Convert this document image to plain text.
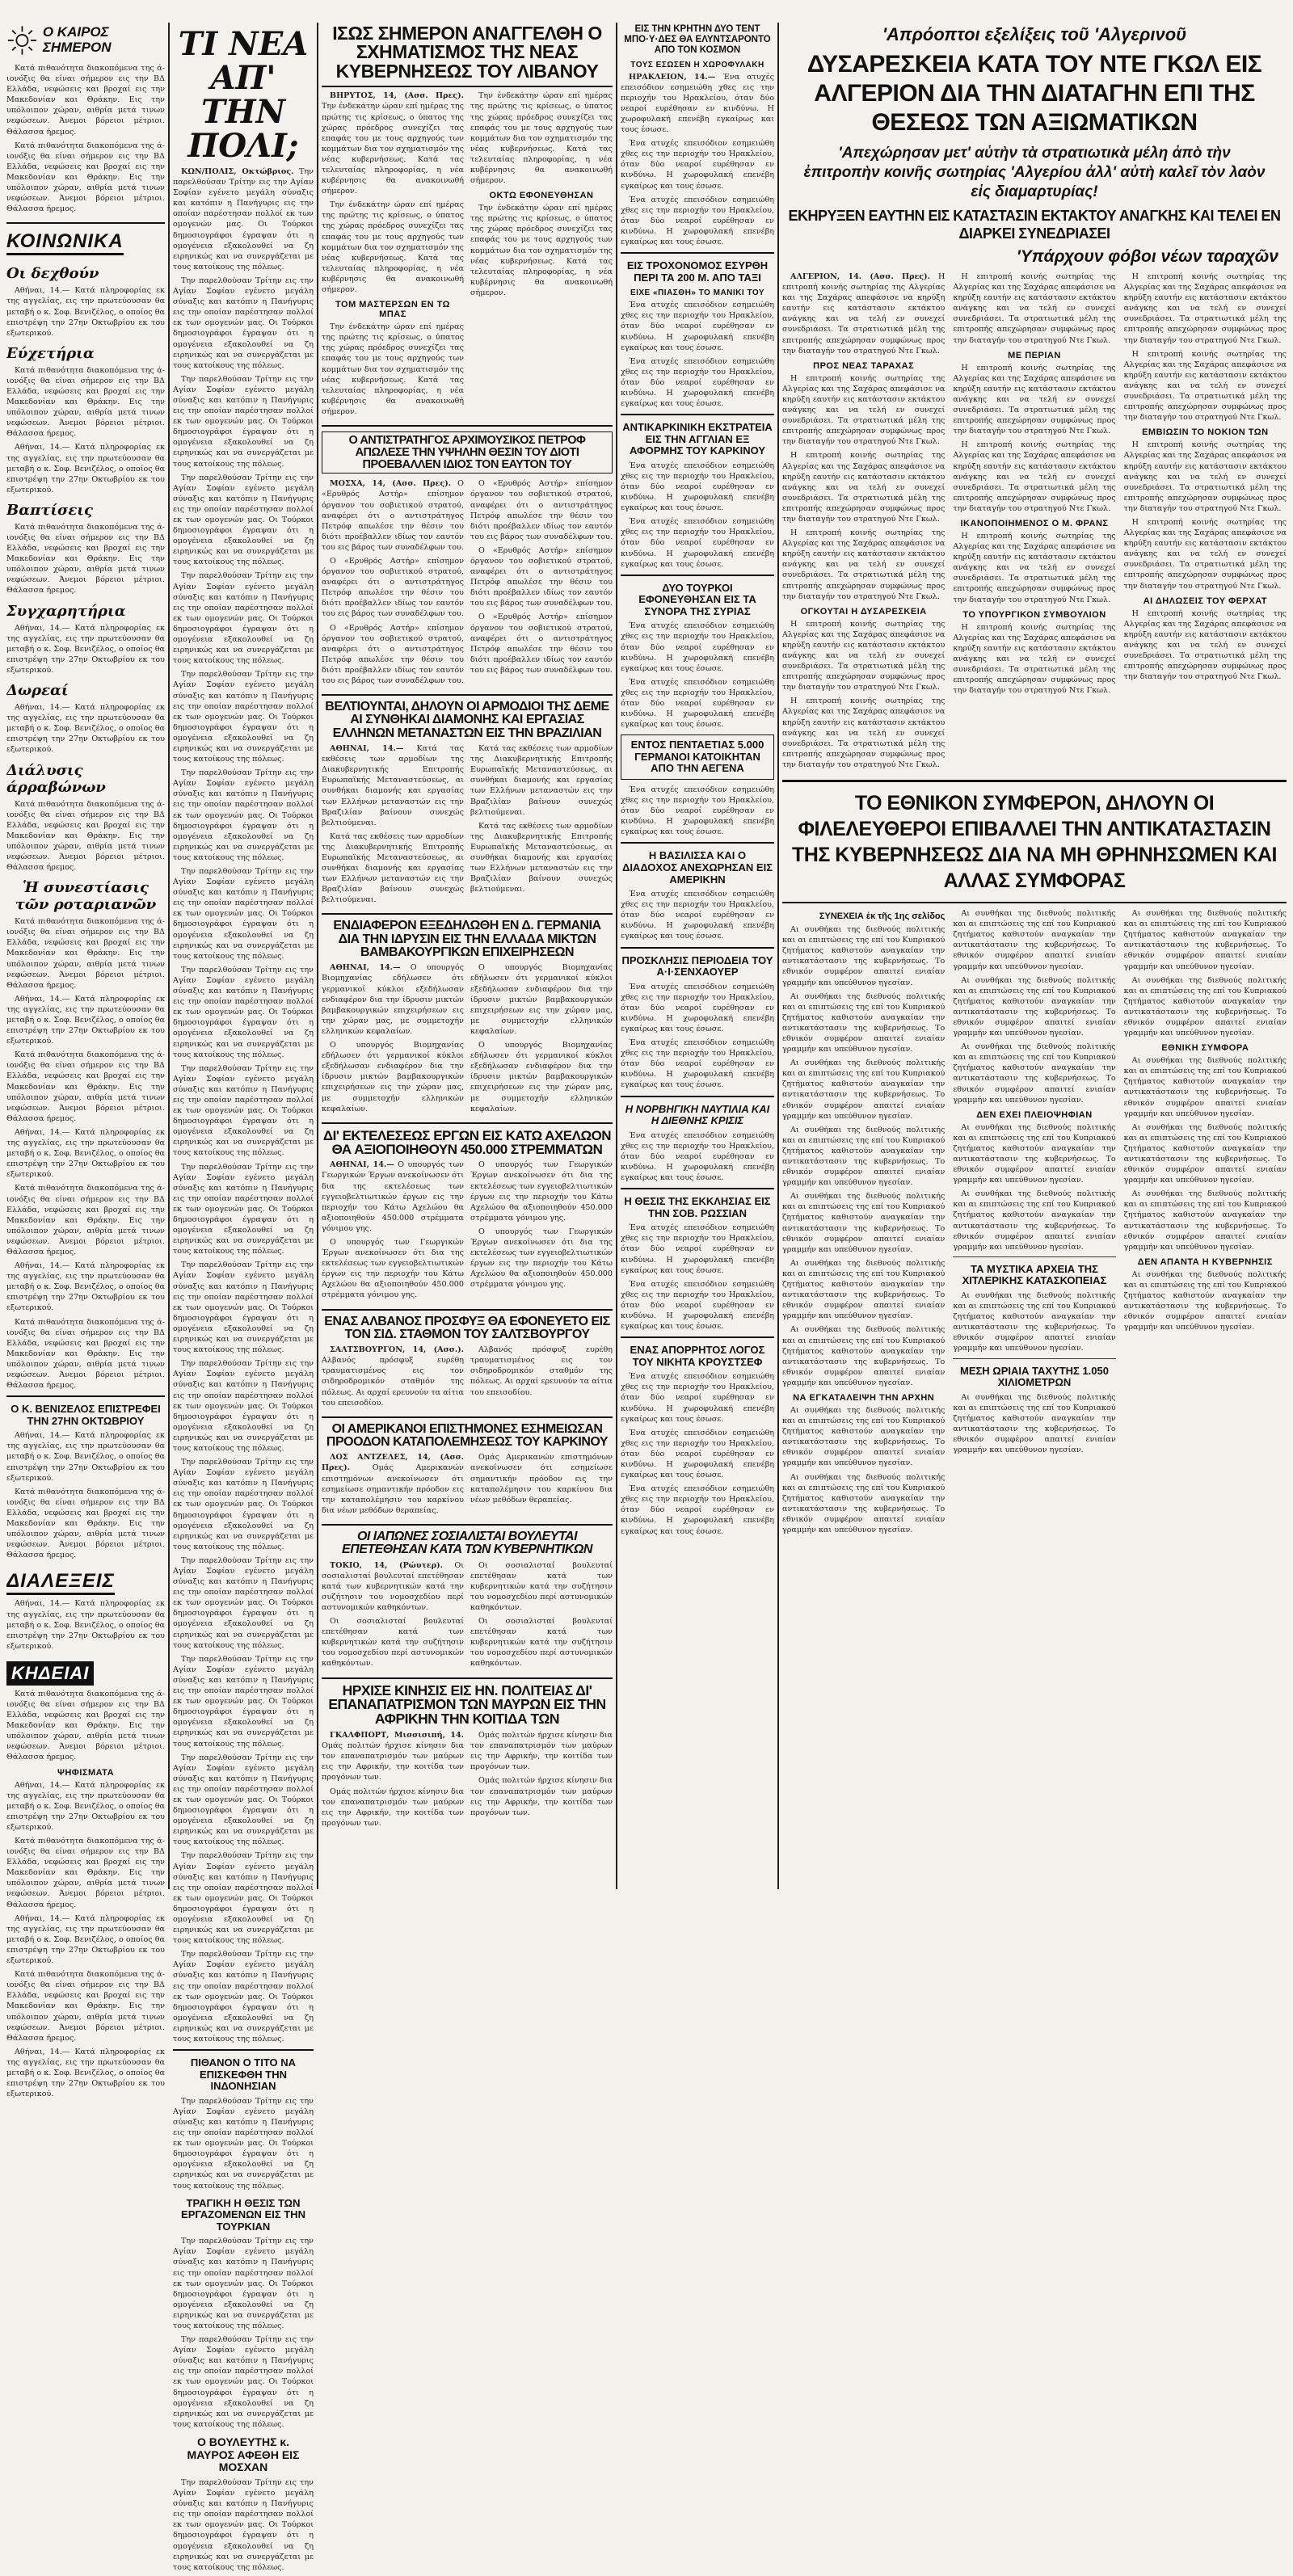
Ο ΚΑΙΡΟΣ ΣΗΜΕΡΟΝ

Κατά πιθανότητα διακοπόμενα της ά- ιονόξις θα είναι σήμερον εις την ΒΔ Ελλάδα, νεφώσεις και βροχαί εις την Μακεδονίαν και Θράκην. Εις την υπόλοιπον χώραν, αιθρία μετά τινων νεφώσεων. Άνεμοι βόρειοι μέτριοι. Θάλασσα ήρεμος.

Κατά πιθανότητα διακοπόμενα της ά- ιονόξις θα είναι σήμερον εις την ΒΔ Ελλάδα, νεφώσεις και βροχαί εις την Μακεδονίαν και Θράκην. Εις την υπόλοιπον χώραν, αιθρία μετά τινων νεφώσεων. Άνεμοι βόρειοι μέτριοι. Θάλασσα ήρεμος.

ΚΟΙΝΩΝΙΚΑ
Οι δεχθούν

Αθήναι, 14.— Κατά πληροφορίας εκ της αγγελίας, εις την πρωτεύουσαν θα μεταβή ο κ. Σοφ. Βενιζέλος, ο οποίος θα επιστρέψη την 27ην Οκτωβρίου εκ του εξωτερικού.

Εύχετήρια

Κατά πιθανότητα διακοπόμενα της ά- ιονόξις θα είναι σήμερον εις την ΒΔ Ελλάδα, νεφώσεις και βροχαί εις την Μακεδονίαν και Θράκην. Εις την υπόλοιπον χώραν, αιθρία μετά τινων νεφώσεων. Άνεμοι βόρειοι μέτριοι. Θάλασσα ήρεμος.

Αθήναι, 14.— Κατά πληροφορίας εκ της αγγελίας, εις την πρωτεύουσαν θα μεταβή ο κ. Σοφ. Βενιζέλος, ο οποίος θα επιστρέψη την 27ην Οκτωβρίου εκ του εξωτερικού.

Βαπτίσεις

Κατά πιθανότητα διακοπόμενα της ά- ιονόξις θα είναι σήμερον εις την ΒΔ Ελλάδα, νεφώσεις και βροχαί εις την Μακεδονίαν και Θράκην. Εις την υπόλοιπον χώραν, αιθρία μετά τινων νεφώσεων. Άνεμοι βόρειοι μέτριοι. Θάλασσα ήρεμος.

Συγχαρητήρια

Αθήναι, 14.— Κατά πληροφορίας εκ της αγγελίας, εις την πρωτεύουσαν θα μεταβή ο κ. Σοφ. Βενιζέλος, ο οποίος θα επιστρέψη την 27ην Οκτωβρίου εκ του εξωτερικού.

Δωρεαί

Αθήναι, 14.— Κατά πληροφορίας εκ της αγγελίας, εις την πρωτεύουσαν θα μεταβή ο κ. Σοφ. Βενιζέλος, ο οποίος θα επιστρέψη την 27ην Οκτωβρίου εκ του εξωτερικού.

Διάλυσις άρραβώνων

Κατά πιθανότητα διακοπόμενα της ά- ιονόξις θα είναι σήμερον εις την ΒΔ Ελλάδα, νεφώσεις και βροχαί εις την Μακεδονίαν και Θράκην. Εις την υπόλοιπον χώραν, αιθρία μετά τινων νεφώσεων. Άνεμοι βόρειοι μέτριοι. Θάλασσα ήρεμος.

Ἡ συνεστίασις τῶν ροταριανῶν

Κατά πιθανότητα διακοπόμενα της ά- ιονόξις θα είναι σήμερον εις την ΒΔ Ελλάδα, νεφώσεις και βροχαί εις την Μακεδονίαν και Θράκην. Εις την υπόλοιπον χώραν, αιθρία μετά τινων νεφώσεων. Άνεμοι βόρειοι μέτριοι. Θάλασσα ήρεμος.

Αθήναι, 14.— Κατά πληροφορίας εκ της αγγελίας, εις την πρωτεύουσαν θα μεταβή ο κ. Σοφ. Βενιζέλος, ο οποίος θα επιστρέψη την 27ην Οκτωβρίου εκ του εξωτερικού.

Κατά πιθανότητα διακοπόμενα της ά- ιονόξις θα είναι σήμερον εις την ΒΔ Ελλάδα, νεφώσεις και βροχαί εις την Μακεδονίαν και Θράκην. Εις την υπόλοιπον χώραν, αιθρία μετά τινων νεφώσεων. Άνεμοι βόρειοι μέτριοι. Θάλασσα ήρεμος.

Αθήναι, 14.— Κατά πληροφορίας εκ της αγγελίας, εις την πρωτεύουσαν θα μεταβή ο κ. Σοφ. Βενιζέλος, ο οποίος θα επιστρέψη την 27ην Οκτωβρίου εκ του εξωτερικού.

Κατά πιθανότητα διακοπόμενα της ά- ιονόξις θα είναι σήμερον εις την ΒΔ Ελλάδα, νεφώσεις και βροχαί εις την Μακεδονίαν και Θράκην. Εις την υπόλοιπον χώραν, αιθρία μετά τινων νεφώσεων. Άνεμοι βόρειοι μέτριοι. Θάλασσα ήρεμος.

Αθήναι, 14.— Κατά πληροφορίας εκ της αγγελίας, εις την πρωτεύουσαν θα μεταβή ο κ. Σοφ. Βενιζέλος, ο οποίος θα επιστρέψη την 27ην Οκτωβρίου εκ του εξωτερικού.

Κατά πιθανότητα διακοπόμενα της ά- ιονόξις θα είναι σήμερον εις την ΒΔ Ελλάδα, νεφώσεις και βροχαί εις την Μακεδονίαν και Θράκην. Εις την υπόλοιπον χώραν, αιθρία μετά τινων νεφώσεων. Άνεμοι βόρειοι μέτριοι. Θάλασσα ήρεμος.

Ο Κ. ΒΕΝΙΖΕΛΟΣ ΕΠΙΣΤΡΕΦΕΙ ΤΗΝ 27ΗΝ ΟΚΤΩΒΡΙΟΥ

Αθήναι, 14.— Κατά πληροφορίας εκ της αγγελίας, εις την πρωτεύουσαν θα μεταβή ο κ. Σοφ. Βενιζέλος, ο οποίος θα επιστρέψη την 27ην Οκτωβρίου εκ του εξωτερικού.

Κατά πιθανότητα διακοπόμενα της ά- ιονόξις θα είναι σήμερον εις την ΒΔ Ελλάδα, νεφώσεις και βροχαί εις την Μακεδονίαν και Θράκην. Εις την υπόλοιπον χώραν, αιθρία μετά τινων νεφώσεων. Άνεμοι βόρειοι μέτριοι. Θάλασσα ήρεμος.

ΔΙΑΛΕΞΕΙΣ

Αθήναι, 14.— Κατά πληροφορίας εκ της αγγελίας, εις την πρωτεύουσαν θα μεταβή ο κ. Σοφ. Βενιζέλος, ο οποίος θα επιστρέψη την 27ην Οκτωβρίου εκ του εξωτερικού.

ΚΗΔΕΙΑΙ

Κατά πιθανότητα διακοπόμενα της ά- ιονόξις θα είναι σήμερον εις την ΒΔ Ελλάδα, νεφώσεις και βροχαί εις την Μακεδονίαν και Θράκην. Εις την υπόλοιπον χώραν, αιθρία μετά τινων νεφώσεων. Άνεμοι βόρειοι μέτριοι. Θάλασσα ήρεμος.

ΨΗΦΙΣΜΑΤΑ

Αθήναι, 14.— Κατά πληροφορίας εκ της αγγελίας, εις την πρωτεύουσαν θα μεταβή ο κ. Σοφ. Βενιζέλος, ο οποίος θα επιστρέψη την 27ην Οκτωβρίου εκ του εξωτερικού.

Κατά πιθανότητα διακοπόμενα της ά- ιονόξις θα είναι σήμερον εις την ΒΔ Ελλάδα, νεφώσεις και βροχαί εις την Μακεδονίαν και Θράκην. Εις την υπόλοιπον χώραν, αιθρία μετά τινων νεφώσεων. Άνεμοι βόρειοι μέτριοι. Θάλασσα ήρεμος.

Αθήναι, 14.— Κατά πληροφορίας εκ της αγγελίας, εις την πρωτεύουσαν θα μεταβή ο κ. Σοφ. Βενιζέλος, ο οποίος θα επιστρέψη την 27ην Οκτωβρίου εκ του εξωτερικού.

Κατά πιθανότητα διακοπόμενα της ά- ιονόξις θα είναι σήμερον εις την ΒΔ Ελλάδα, νεφώσεις και βροχαί εις την Μακεδονίαν και Θράκην. Εις την υπόλοιπον χώραν, αιθρία μετά τινων νεφώσεων. Άνεμοι βόρειοι μέτριοι. Θάλασσα ήρεμος.

Αθήναι, 14.— Κατά πληροφορίας εκ της αγγελίας, εις την πρωτεύουσαν θα μεταβή ο κ. Σοφ. Βενιζέλος, ο οποίος θα επιστρέψη την 27ην Οκτωβρίου εκ του εξωτερικού.

ΤΙ ΝΕΑ
ΑΠ' ΤΗΝ
ΠΟΛΙ;

ΚΩΝ/ΠΟΛΙΣ, Οκτώβριος. Την παρελθούσαν Τρίτην εις την Αγίαν Σοφίαν εγένετο μεγάλη σύναξις και κατόπιν η Πανήγυρις εις την οποίαν παρέστησαν πολλοί εκ των ομογενών μας. Οι Τούρκοι δημοσιογράφοι έγραψαν ότι η ομογένεια εξακολουθεί να ζη ειρηνικώς και να συνεργάζεται με τους κατοίκους της πόλεως.

Την παρελθούσαν Τρίτην εις την Αγίαν Σοφίαν εγένετο μεγάλη σύναξις και κατόπιν η Πανήγυρις εις την οποίαν παρέστησαν πολλοί εκ των ομογενών μας. Οι Τούρκοι δημοσιογράφοι έγραψαν ότι η ομογένεια εξακολουθεί να ζη ειρηνικώς και να συνεργάζεται με τους κατοίκους της πόλεως.

Την παρελθούσαν Τρίτην εις την Αγίαν Σοφίαν εγένετο μεγάλη σύναξις και κατόπιν η Πανήγυρις εις την οποίαν παρέστησαν πολλοί εκ των ομογενών μας. Οι Τούρκοι δημοσιογράφοι έγραψαν ότι η ομογένεια εξακολουθεί να ζη ειρηνικώς και να συνεργάζεται με τους κατοίκους της πόλεως.

Την παρελθούσαν Τρίτην εις την Αγίαν Σοφίαν εγένετο μεγάλη σύναξις και κατόπιν η Πανήγυρις εις την οποίαν παρέστησαν πολλοί εκ των ομογενών μας. Οι Τούρκοι δημοσιογράφοι έγραψαν ότι η ομογένεια εξακολουθεί να ζη ειρηνικώς και να συνεργάζεται με τους κατοίκους της πόλεως.

Την παρελθούσαν Τρίτην εις την Αγίαν Σοφίαν εγένετο μεγάλη σύναξις και κατόπιν η Πανήγυρις εις την οποίαν παρέστησαν πολλοί εκ των ομογενών μας. Οι Τούρκοι δημοσιογράφοι έγραψαν ότι η ομογένεια εξακολουθεί να ζη ειρηνικώς και να συνεργάζεται με τους κατοίκους της πόλεως.

Την παρελθούσαν Τρίτην εις την Αγίαν Σοφίαν εγένετο μεγάλη σύναξις και κατόπιν η Πανήγυρις εις την οποίαν παρέστησαν πολλοί εκ των ομογενών μας. Οι Τούρκοι δημοσιογράφοι έγραψαν ότι η ομογένεια εξακολουθεί να ζη ειρηνικώς και να συνεργάζεται με τους κατοίκους της πόλεως.

Την παρελθούσαν Τρίτην εις την Αγίαν Σοφίαν εγένετο μεγάλη σύναξις και κατόπιν η Πανήγυρις εις την οποίαν παρέστησαν πολλοί εκ των ομογενών μας. Οι Τούρκοι δημοσιογράφοι έγραψαν ότι η ομογένεια εξακολουθεί να ζη ειρηνικώς και να συνεργάζεται με τους κατοίκους της πόλεως.

Την παρελθούσαν Τρίτην εις την Αγίαν Σοφίαν εγένετο μεγάλη σύναξις και κατόπιν η Πανήγυρις εις την οποίαν παρέστησαν πολλοί εκ των ομογενών μας. Οι Τούρκοι δημοσιογράφοι έγραψαν ότι η ομογένεια εξακολουθεί να ζη ειρηνικώς και να συνεργάζεται με τους κατοίκους της πόλεως.

Την παρελθούσαν Τρίτην εις την Αγίαν Σοφίαν εγένετο μεγάλη σύναξις και κατόπιν η Πανήγυρις εις την οποίαν παρέστησαν πολλοί εκ των ομογενών μας. Οι Τούρκοι δημοσιογράφοι έγραψαν ότι η ομογένεια εξακολουθεί να ζη ειρηνικώς και να συνεργάζεται με τους κατοίκους της πόλεως.

Την παρελθούσαν Τρίτην εις την Αγίαν Σοφίαν εγένετο μεγάλη σύναξις και κατόπιν η Πανήγυρις εις την οποίαν παρέστησαν πολλοί εκ των ομογενών μας. Οι Τούρκοι δημοσιογράφοι έγραψαν ότι η ομογένεια εξακολουθεί να ζη ειρηνικώς και να συνεργάζεται με τους κατοίκους της πόλεως.

Την παρελθούσαν Τρίτην εις την Αγίαν Σοφίαν εγένετο μεγάλη σύναξις και κατόπιν η Πανήγυρις εις την οποίαν παρέστησαν πολλοί εκ των ομογενών μας. Οι Τούρκοι δημοσιογράφοι έγραψαν ότι η ομογένεια εξακολουθεί να ζη ειρηνικώς και να συνεργάζεται με τους κατοίκους της πόλεως.

Την παρελθούσαν Τρίτην εις την Αγίαν Σοφίαν εγένετο μεγάλη σύναξις και κατόπιν η Πανήγυρις εις την οποίαν παρέστησαν πολλοί εκ των ομογενών μας. Οι Τούρκοι δημοσιογράφοι έγραψαν ότι η ομογένεια εξακολουθεί να ζη ειρηνικώς και να συνεργάζεται με τους κατοίκους της πόλεως.

Την παρελθούσαν Τρίτην εις την Αγίαν Σοφίαν εγένετο μεγάλη σύναξις και κατόπιν η Πανήγυρις εις την οποίαν παρέστησαν πολλοί εκ των ομογενών μας. Οι Τούρκοι δημοσιογράφοι έγραψαν ότι η ομογένεια εξακολουθεί να ζη ειρηνικώς και να συνεργάζεται με τους κατοίκους της πόλεως.

Την παρελθούσαν Τρίτην εις την Αγίαν Σοφίαν εγένετο μεγάλη σύναξις και κατόπιν η Πανήγυρις εις την οποίαν παρέστησαν πολλοί εκ των ομογενών μας. Οι Τούρκοι δημοσιογράφοι έγραψαν ότι η ομογένεια εξακολουθεί να ζη ειρηνικώς και να συνεργάζεται με τους κατοίκους της πόλεως.

Την παρελθούσαν Τρίτην εις την Αγίαν Σοφίαν εγένετο μεγάλη σύναξις και κατόπιν η Πανήγυρις εις την οποίαν παρέστησαν πολλοί εκ των ομογενών μας. Οι Τούρκοι δημοσιογράφοι έγραψαν ότι η ομογένεια εξακολουθεί να ζη ειρηνικώς και να συνεργάζεται με τους κατοίκους της πόλεως.

Την παρελθούσαν Τρίτην εις την Αγίαν Σοφίαν εγένετο μεγάλη σύναξις και κατόπιν η Πανήγυρις εις την οποίαν παρέστησαν πολλοί εκ των ομογενών μας. Οι Τούρκοι δημοσιογράφοι έγραψαν ότι η ομογένεια εξακολουθεί να ζη ειρηνικώς και να συνεργάζεται με τους κατοίκους της πόλεως.

Την παρελθούσαν Τρίτην εις την Αγίαν Σοφίαν εγένετο μεγάλη σύναξις και κατόπιν η Πανήγυρις εις την οποίαν παρέστησαν πολλοί εκ των ομογενών μας. Οι Τούρκοι δημοσιογράφοι έγραψαν ότι η ομογένεια εξακολουθεί να ζη ειρηνικώς και να συνεργάζεται με τους κατοίκους της πόλεως.

Την παρελθούσαν Τρίτην εις την Αγίαν Σοφίαν εγένετο μεγάλη σύναξις και κατόπιν η Πανήγυρις εις την οποίαν παρέστησαν πολλοί εκ των ομογενών μας. Οι Τούρκοι δημοσιογράφοι έγραψαν ότι η ομογένεια εξακολουθεί να ζη ειρηνικώς και να συνεργάζεται με τους κατοίκους της πόλεως.

Την παρελθούσαν Τρίτην εις την Αγίαν Σοφίαν εγένετο μεγάλη σύναξις και κατόπιν η Πανήγυρις εις την οποίαν παρέστησαν πολλοί εκ των ομογενών μας. Οι Τούρκοι δημοσιογράφοι έγραψαν ότι η ομογένεια εξακολουθεί να ζη ειρηνικώς και να συνεργάζεται με τους κατοίκους της πόλεως.

ΠΙΘΑΝΟΝ Ο ΤΙΤΟ ΝΑ ΕΠΙΣΚΕΦΘΗ ΤΗΝ ΙΝΔΟΝΗΣΙΑΝ

Την παρελθούσαν Τρίτην εις την Αγίαν Σοφίαν εγένετο μεγάλη σύναξις και κατόπιν η Πανήγυρις εις την οποίαν παρέστησαν πολλοί εκ των ομογενών μας. Οι Τούρκοι δημοσιογράφοι έγραψαν ότι η ομογένεια εξακολουθεί να ζη ειρηνικώς και να συνεργάζεται με τους κατοίκους της πόλεως.

ΤΡΑΓΙΚΗ Η ΘΕΣΙΣ ΤΩΝ ΕΡΓΑΖΟΜΕΝΩΝ ΕΙΣ ΤΗΝ ΤΟΥΡΚΙΑΝ

Την παρελθούσαν Τρίτην εις την Αγίαν Σοφίαν εγένετο μεγάλη σύναξις και κατόπιν η Πανήγυρις εις την οποίαν παρέστησαν πολλοί εκ των ομογενών μας. Οι Τούρκοι δημοσιογράφοι έγραψαν ότι η ομογένεια εξακολουθεί να ζη ειρηνικώς και να συνεργάζεται με τους κατοίκους της πόλεως.

Την παρελθούσαν Τρίτην εις την Αγίαν Σοφίαν εγένετο μεγάλη σύναξις και κατόπιν η Πανήγυρις εις την οποίαν παρέστησαν πολλοί εκ των ομογενών μας. Οι Τούρκοι δημοσιογράφοι έγραψαν ότι η ομογένεια εξακολουθεί να ζη ειρηνικώς και να συνεργάζεται με τους κατοίκους της πόλεως.

Ο ΒΟΥΛΕΥΤΗΣ κ. ΜΑΥΡΟΣ ΑΦΕΘΗ ΕΙΣ ΜΟΣΧΑΝ

Την παρελθούσαν Τρίτην εις την Αγίαν Σοφίαν εγένετο μεγάλη σύναξις και κατόπιν η Πανήγυρις εις την οποίαν παρέστησαν πολλοί εκ των ομογενών μας. Οι Τούρκοι δημοσιογράφοι έγραψαν ότι η ομογένεια εξακολουθεί να ζη ειρηνικώς και να συνεργάζεται με τους κατοίκους της πόλεως.

ΙΣΩΣ ΣΗΜΕΡΟΝ ΑΝΑΓΓΕΛΘΗ Ο ΣΧΗΜΑΤΙΣΜΟΣ ΤΗΣ ΝΕΑΣ ΚΥΒΕΡΝΗΣΕΩΣ ΤΟΥ ΛΙΒΑΝΟΥ

ΒΗΡΥΤΟΣ, 14, (Ασσ. Πρες). Την ένδεκάτην ώραν επί ημέρας της πρώτης τις κρίσεως, ο ύπατος της χώρας πρόεδρος συνεχίζει τας επαφάς του με τους αρχηγούς των κομμάτων δια τον σχηματισμόν της νέας κυβερνήσεως. Κατά τας τελευταίας πληροφορίας, η νέα κυβέρνησις θα ανακοινωθή σήμερον.

Την ένδεκάτην ώραν επί ημέρας της πρώτης τις κρίσεως, ο ύπατος της χώρας πρόεδρος συνεχίζει τας επαφάς του με τους αρχηγούς των κομμάτων δια τον σχηματισμόν της νέας κυβερνήσεως. Κατά τας τελευταίας πληροφορίας, η νέα κυβέρνησις θα ανακοινωθή σήμερον.

ΤΟΜ ΜΑΣΤΕΡΣΩΝ ΕΝ ΤΩ ΜΠΑΣ

Την ένδεκάτην ώραν επί ημέρας της πρώτης τις κρίσεως, ο ύπατος της χώρας πρόεδρος συνεχίζει τας επαφάς του με τους αρχηγούς των κομμάτων δια τον σχηματισμόν της νέας κυβερνήσεως. Κατά τας τελευταίας πληροφορίας, η νέα κυβέρνησις θα ανακοινωθή σήμερον.

Την ένδεκάτην ώραν επί ημέρας της πρώτης τις κρίσεως, ο ύπατος της χώρας πρόεδρος συνεχίζει τας επαφάς του με τους αρχηγούς των κομμάτων δια τον σχηματισμόν της νέας κυβερνήσεως. Κατά τας τελευταίας πληροφορίας, η νέα κυβέρνησις θα ανακοινωθή σήμερον.

ΟΚΤΩ ΕΦΟΝΕΥΘΗΣΑΝ

Την ένδεκάτην ώραν επί ημέρας της πρώτης τις κρίσεως, ο ύπατος της χώρας πρόεδρος συνεχίζει τας επαφάς του με τους αρχηγούς των κομμάτων δια τον σχηματισμόν της νέας κυβερνήσεως. Κατά τας τελευταίας πληροφορίας, η νέα κυβέρνησις θα ανακοινωθή σήμερον.

Ο ΑΝΤΙΣΤΡΑΤΗΓΟΣ ΑΡΧΙΜΟΥΣΙΚΟΣ ΠΕΤΡΟΦ ΑΠΩΛΕΣΕ ΤΗΝ ΥΨΗΛΗΝ ΘΕΣΙΝ ΤΟΥ ΔΙΟΤΙ ΠΡΟΕΒΑΛΛΕΝ ΙΔΙΟΣ ΤΟΝ ΕΑΥΤΟΝ ΤΟΥ

ΜΟΣΧΑ, 14, (Ασσ. Πρες). Ο «Ερυθρός Αστήρ» επίσημον όργανον του σοβιετικού στρατού, αναφέρει ότι ο αντιστράτηγος Πετρόφ απωλέσε την θέσιν του διότι προέβαλλεν ιδίως τον εαυτόν του εις βάρος των συναδέλφων του.

Ο «Ερυθρός Αστήρ» επίσημον όργανον του σοβιετικού στρατού, αναφέρει ότι ο αντιστράτηγος Πετρόφ απωλέσε την θέσιν του διότι προέβαλλεν ιδίως τον εαυτόν του εις βάρος των συναδέλφων του.

Ο «Ερυθρός Αστήρ» επίσημον όργανον του σοβιετικού στρατού, αναφέρει ότι ο αντιστράτηγος Πετρόφ απωλέσε την θέσιν του διότι προέβαλλεν ιδίως τον εαυτόν του εις βάρος των συναδέλφων του.

Ο «Ερυθρός Αστήρ» επίσημον όργανον του σοβιετικού στρατού, αναφέρει ότι ο αντιστράτηγος Πετρόφ απωλέσε την θέσιν του διότι προέβαλλεν ιδίως τον εαυτόν του εις βάρος των συναδέλφων του.

Ο «Ερυθρός Αστήρ» επίσημον όργανον του σοβιετικού στρατού, αναφέρει ότι ο αντιστράτηγος Πετρόφ απωλέσε την θέσιν του διότι προέβαλλεν ιδίως τον εαυτόν του εις βάρος των συναδέλφων του.

Ο «Ερυθρός Αστήρ» επίσημον όργανον του σοβιετικού στρατού, αναφέρει ότι ο αντιστράτηγος Πετρόφ απωλέσε την θέσιν του διότι προέβαλλεν ιδίως τον εαυτόν του εις βάρος των συναδέλφων του.

ΒΕΛΤΙΟΥΝΤΑΙ, ΔΗΛΟΥΝ ΟΙ ΑΡΜΟΔΙΟΙ ΤΗΣ ΔΕΜΕ ΑΙ ΣΥΝΘΗΚΑΙ ΔΙΑΜΟΝΗΣ ΚΑΙ ΕΡΓΑΣΙΑΣ ΕΛΛΗΝΩΝ ΜΕΤΑΝΑΣΤΩΝ ΕΙΣ ΤΗΝ ΒΡΑΖΙΛΙΑΝ

ΑΘΗΝΑΙ, 14.— Κατά τας εκθέσεις των αρμοδίων της Διακυβερνητικής Επιτροπής Ευρωπαϊκής Μεταναστεύσεως, αι συνθήκαι διαμονής και εργασίας των Ελλήνων μεταναστών εις την Βραζιλίαν βαίνουν συνεχώς βελτιούμεναι.

Κατά τας εκθέσεις των αρμοδίων της Διακυβερνητικής Επιτροπής Ευρωπαϊκής Μεταναστεύσεως, αι συνθήκαι διαμονής και εργασίας των Ελλήνων μεταναστών εις την Βραζιλίαν βαίνουν συνεχώς βελτιούμεναι.

Κατά τας εκθέσεις των αρμοδίων της Διακυβερνητικής Επιτροπής Ευρωπαϊκής Μεταναστεύσεως, αι συνθήκαι διαμονής και εργασίας των Ελλήνων μεταναστών εις την Βραζιλίαν βαίνουν συνεχώς βελτιούμεναι.

Κατά τας εκθέσεις των αρμοδίων της Διακυβερνητικής Επιτροπής Ευρωπαϊκής Μεταναστεύσεως, αι συνθήκαι διαμονής και εργασίας των Ελλήνων μεταναστών εις την Βραζιλίαν βαίνουν συνεχώς βελτιούμεναι.

ΕΝΔΙΑΦΕΡΟΝ ΕΞΕΔΗΛΩΘΗ ΕΝ Δ. ΓΕΡΜΑΝΙΑ ΔΙΑ ΤΗΝ ΙΔΡΥΣΙΝ ΕΙΣ ΤΗΝ ΕΛΛΑΔΑ ΜΙΚΤΩΝ ΒΑΜΒΑΚΟΥΡΓΙΚΩΝ ΕΠΙΧΕΙΡΗΣΕΩΝ

ΑΘΗΝΑΙ, 14.— Ο υπουργός Βιομηχανίας εδήλωσεν ότι γερμανικοί κύκλοι εξεδήλωσαν ενδιαφέρον δια την ίδρυσιν μικτών βαμβακουργικών επιχειρήσεων εις την χώραν μας, με συμμετοχήν ελληνικών κεφαλαίων.

Ο υπουργός Βιομηχανίας εδήλωσεν ότι γερμανικοί κύκλοι εξεδήλωσαν ενδιαφέρον δια την ίδρυσιν μικτών βαμβακουργικών επιχειρήσεων εις την χώραν μας, με συμμετοχήν ελληνικών κεφαλαίων.

Ο υπουργός Βιομηχανίας εδήλωσεν ότι γερμανικοί κύκλοι εξεδήλωσαν ενδιαφέρον δια την ίδρυσιν μικτών βαμβακουργικών επιχειρήσεων εις την χώραν μας, με συμμετοχήν ελληνικών κεφαλαίων.

Ο υπουργός Βιομηχανίας εδήλωσεν ότι γερμανικοί κύκλοι εξεδήλωσαν ενδιαφέρον δια την ίδρυσιν μικτών βαμβακουργικών επιχειρήσεων εις την χώραν μας, με συμμετοχήν ελληνικών κεφαλαίων.

ΔΙ' ΕΚΤΕΛΕΣΕΩΣ ΕΡΓΩΝ ΕΙΣ ΚΑΤΩ ΑΧΕΛΩΟΝ ΘΑ ΑΞΙΟΠΟΙΗΘΟΥΝ 450.000 ΣΤΡΕΜΜΑΤΩΝ

ΑΘΗΝΑΙ, 14.— Ο υπουργός των Γεωργικών Έργων ανεκοίνωσεν ότι δια της εκτελέσεως των εγγειοβελτιωτικών έργων εις την περιοχήν του Κάτω Αχελώου θα αξιοποιηθούν 450.000 στρέμματα γόνιμου γης.

Ο υπουργός των Γεωργικών Έργων ανεκοίνωσεν ότι δια της εκτελέσεως των εγγειοβελτιωτικών έργων εις την περιοχήν του Κάτω Αχελώου θα αξιοποιηθούν 450.000 στρέμματα γόνιμου γης.

Ο υπουργός των Γεωργικών Έργων ανεκοίνωσεν ότι δια της εκτελέσεως των εγγειοβελτιωτικών έργων εις την περιοχήν του Κάτω Αχελώου θα αξιοποιηθούν 450.000 στρέμματα γόνιμου γης.

Ο υπουργός των Γεωργικών Έργων ανεκοίνωσεν ότι δια της εκτελέσεως των εγγειοβελτιωτικών έργων εις την περιοχήν του Κάτω Αχελώου θα αξιοποιηθούν 450.000 στρέμματα γόνιμου γης.

ΕΝΑΣ ΑΛΒΑΝΟΣ ΠΡΟΣΦΥΞ ΘΑ ΕΦΟΝΕΥΕΤΟ ΕΙΣ ΤΟΝ ΣΙΔ. ΣΤΑΘΜΟΝ ΤΟΥ ΣΑΛΤΣΒΟΥΡΓΟΥ

ΣΑΛΤΣΒΟΥΡΓΟΝ, 14, (Ασσ.). Αλβανός πρόσφυξ ευρέθη τραυματισμένος εις τον σιδηροδρομικόν σταθμόν της πόλεως. Αι αρχαί ερευνούν τα αίτια του επεισοδίου.

Αλβανός πρόσφυξ ευρέθη τραυματισμένος εις τον σιδηροδρομικόν σταθμόν της πόλεως. Αι αρχαί ερευνούν τα αίτια του επεισοδίου.

ΟΙ ΑΜΕΡΙΚΑΝΟΙ ΕΠΙΣΤΗΜΟΝΕΣ ΕΣΗΜΕΙΩΣΑΝ ΠΡΟΟΔΟΝ ΚΑΤΑΠΟΛΕΜΗΣΕΩΣ ΤΟΥ ΚΑΡΚΙΝΟΥ

ΛΟΣ ΑΝΤΖΕΛΕΣ, 14, (Ασσ. Πρες).	Ομάς Αμερικανών επιστημόνων ανεκοίνωσεν ότι εσημείωσε σημαντικήν πρόοδον εις την καταπολέμησιν του καρκίνου δια νέων μεθόδων θεραπείας.

Ομάς Αμερικανών επιστημόνων ανεκοίνωσεν ότι εσημείωσε σημαντικήν πρόοδον εις την καταπολέμησιν του καρκίνου δια νέων μεθόδων θεραπείας.

ΟΙ ΙΑΠΩΝΕΣ ΣΟΣΙΑΛΙΣΤΑΙ ΒΟΥΛΕΥΤΑΙ ΕΠΕΤΕΘΗΣΑΝ ΚΑΤΑ ΤΩΝ ΚΥΒΕΡΝΗΤΙΚΩΝ

ΤΟΚΙΟ, 14, (Ρώυτερ). Οι σοσιαλισταί βουλευταί επετέθησαν κατά των κυβερνητικών κατά την συζήτησιν του νομοσχεδίου περί αστυνομικών καθηκόντων.

Οι σοσιαλισταί βουλευταί επετέθησαν κατά των κυβερνητικών κατά την συζήτησιν του νομοσχεδίου περί αστυνομικών καθηκόντων.

Οι σοσιαλισταί βουλευταί επετέθησαν κατά των κυβερνητικών κατά την συζήτησιν του νομοσχεδίου περί αστυνομικών καθηκόντων.

Οι σοσιαλισταί βουλευταί επετέθησαν κατά των κυβερνητικών κατά την συζήτησιν του νομοσχεδίου περί αστυνομικών καθηκόντων.

ΗΡΧΙΣΕ ΚΙΝΗΣΙΣ ΕΙΣ ΗΝ. ΠΟΛΙΤΕΙΑΣ ΔΙ' ΕΠΑΝΑΠΑΤΡΙΣΜΟΝ ΤΩΝ ΜΑΥΡΩΝ ΕΙΣ ΤΗΝ ΑΦΡΙΚΗΝ ΤΗΝ ΚΟΙΤΙΔΑ ΤΩΝ

ΓΚΑΛΦΠΟΡΤ, Μισσισιπή, 14. Ομάς πολιτών ήρχισε κίνησιν δια τον επαναπατρισμόν των μαύρων εις την Αφρικήν, την κοιτίδα των προγόνων των.

Ομάς πολιτών ήρχισε κίνησιν δια τον επαναπατρισμόν των μαύρων εις την Αφρικήν, την κοιτίδα των προγόνων των.

Ομάς πολιτών ήρχισε κίνησιν δια τον επαναπατρισμόν των μαύρων εις την Αφρικήν, την κοιτίδα των προγόνων των.

Ομάς πολιτών ήρχισε κίνησιν δια τον επαναπατρισμόν των μαύρων εις την Αφρικήν, την κοιτίδα των προγόνων των.

ΕΙΣ ΤΗΝ ΚΡΗΤΗΝ ΔΥΟ ΤΕΝΤ ΜΠΟ·Υ·ΔΕΣ ΘΑ ΕΛΥΝΤΣΑΡΟΝΤΟ ΑΠΟ ΤΟΝ ΚΟΣΜΟΝ
ΤΟΥΣ ΕΣΩΣΕΝ Η ΧΩΡΟΦΥΛΑΚΗ

ΗΡΑΚΛΕΙΟΝ, 14.— Ένα ατυχές επεισόδιον εσημειώθη χθες εις την περιοχήν του Ηρακλείου, όταν δύο νεαροί ευρέθησαν εν κινδύνω. Η χωροφυλακή επενέβη εγκαίρως και τους έσωσε.

Ένα ατυχές επεισόδιον εσημειώθη χθες εις την περιοχήν του Ηρακλείου, όταν δύο νεαροί ευρέθησαν εν κινδύνω. Η χωροφυλακή επενέβη εγκαίρως και τους έσωσε.

Ένα ατυχές επεισόδιον εσημειώθη χθες εις την περιοχήν του Ηρακλείου, όταν δύο νεαροί ευρέθησαν εν κινδύνω. Η χωροφυλακή επενέβη εγκαίρως και τους έσωσε.

ΕΙΣ ΤΡΟΧΟΝΟΜΟΣ ΕΣΥΡΘΗ ΠΕΡΙ ΤΑ 200 Μ. ΑΠΟ ΤΑΞΙ
ΕΙΧΕ «ΠΙΑΣΘΗ» ΤΟ ΜΑΝΙΚΙ ΤΟΥ

Ένα ατυχές επεισόδιον εσημειώθη χθες εις την περιοχήν του Ηρακλείου, όταν δύο νεαροί ευρέθησαν εν κινδύνω. Η χωροφυλακή επενέβη εγκαίρως και τους έσωσε.

Ένα ατυχές επεισόδιον εσημειώθη χθες εις την περιοχήν του Ηρακλείου, όταν δύο νεαροί ευρέθησαν εν κινδύνω. Η χωροφυλακή επενέβη εγκαίρως και τους έσωσε.

ΑΝΤΙΚΑΡΚΙΝΙΚΗ ΕΚΣΤΡΑΤΕΙΑ ΕΙΣ ΤΗΝ ΑΓΓΛΙΑΝ ΕΞ ΑΦΟΡΜΗΣ ΤΟΥ ΚΑΡΚΙΝΟΥ

Ένα ατυχές επεισόδιον εσημειώθη χθες εις την περιοχήν του Ηρακλείου, όταν δύο νεαροί ευρέθησαν εν κινδύνω. Η χωροφυλακή επενέβη εγκαίρως και τους έσωσε.

Ένα ατυχές επεισόδιον εσημειώθη χθες εις την περιοχήν του Ηρακλείου, όταν δύο νεαροί ευρέθησαν εν κινδύνω. Η χωροφυλακή επενέβη εγκαίρως και τους έσωσε.

ΔΥΟ ΤΟΥΡΚΟΙ ΕΦΟΝΕΥΘΗΣΑΝ ΕΙΣ ΤΑ ΣΥΝΟΡΑ ΤΗΣ ΣΥΡΙΑΣ

Ένα ατυχές επεισόδιον εσημειώθη χθες εις την περιοχήν του Ηρακλείου, όταν δύο νεαροί ευρέθησαν εν κινδύνω. Η χωροφυλακή επενέβη εγκαίρως και τους έσωσε.

Ένα ατυχές επεισόδιον εσημειώθη χθες εις την περιοχήν του Ηρακλείου, όταν δύο νεαροί ευρέθησαν εν κινδύνω. Η χωροφυλακή επενέβη εγκαίρως και τους έσωσε.

ΕΝΤΟΣ ΠΕΝΤΑΕΤΙΑΣ 5.000 ΓΕΡΜΑΝΟΙ ΚΑΤΟΙΚΗΤΑΝ ΑΠΟ ΤΗΝ ΑΕΓΕΝΑ

Ένα ατυχές επεισόδιον εσημειώθη χθες εις την περιοχήν του Ηρακλείου, όταν δύο νεαροί ευρέθησαν εν κινδύνω. Η χωροφυλακή επενέβη εγκαίρως και τους έσωσε.

Η ΒΑΣΙΛΙΣΣΑ ΚΑΙ Ο ΔΙΑΔΟΧΟΣ ΑΝΕΧΩΡΗΣΑΝ ΕΙΣ ΑΜΕΡΙΚΗΝ

Ένα ατυχές επεισόδιον εσημειώθη χθες εις την περιοχήν του Ηρακλείου, όταν δύο νεαροί ευρέθησαν εν κινδύνω. Η χωροφυλακή επενέβη εγκαίρως και τους έσωσε.

ΠΡΟΣΚΛΗΣΙΣ ΠΕΡΙΟΔΕΙΑ ΤΟΥ Α·Ι·ΣΕΝΧΑΟΥΕΡ

Ένα ατυχές επεισόδιον εσημειώθη χθες εις την περιοχήν του Ηρακλείου, όταν δύο νεαροί ευρέθησαν εν κινδύνω. Η χωροφυλακή επενέβη εγκαίρως και τους έσωσε.

Ένα ατυχές επεισόδιον εσημειώθη χθες εις την περιοχήν του Ηρακλείου, όταν δύο νεαροί ευρέθησαν εν κινδύνω. Η χωροφυλακή επενέβη εγκαίρως και τους έσωσε.

Η ΝΟΡΒΗΓΙΚΗ ΝΑΥΤΙΛΙΑ ΚΑΙ Η ΔΙΕΘΝΗΣ ΚΡΙΣΙΣ

Ένα ατυχές επεισόδιον εσημειώθη χθες εις την περιοχήν του Ηρακλείου, όταν δύο νεαροί ευρέθησαν εν κινδύνω. Η χωροφυλακή επενέβη εγκαίρως και τους έσωσε.

Η ΘΕΣΙΣ ΤΗΣ ΕΚΚΛΗΣΙΑΣ ΕΙΣ ΤΗΝ ΣΟΒ. ΡΩΣΣΙΑΝ

Ένα ατυχές επεισόδιον εσημειώθη χθες εις την περιοχήν του Ηρακλείου, όταν δύο νεαροί ευρέθησαν εν κινδύνω. Η χωροφυλακή επενέβη εγκαίρως και τους έσωσε.

Ένα ατυχές επεισόδιον εσημειώθη χθες εις την περιοχήν του Ηρακλείου, όταν δύο νεαροί ευρέθησαν εν κινδύνω. Η χωροφυλακή επενέβη εγκαίρως και τους έσωσε.

ΕΝΑΣ ΑΠΟΡΡΗΤΟΣ ΛΟΓΟΣ ΤΟΥ ΝΙΚΗΤΑ ΚΡΟΥΣΤΣΕΦ

Ένα ατυχές επεισόδιον εσημειώθη χθες εις την περιοχήν του Ηρακλείου, όταν δύο νεαροί ευρέθησαν εν κινδύνω. Η χωροφυλακή επενέβη εγκαίρως και τους έσωσε.

Ένα ατυχές επεισόδιον εσημειώθη χθες εις την περιοχήν του Ηρακλείου, όταν δύο νεαροί ευρέθησαν εν κινδύνω. Η χωροφυλακή επενέβη εγκαίρως και τους έσωσε.

Ένα ατυχές επεισόδιον εσημειώθη χθες εις την περιοχήν του Ηρακλείου, όταν δύο νεαροί ευρέθησαν εν κινδύνω. Η χωροφυλακή επενέβη εγκαίρως και τους έσωσε.

'Απρόοπτοι εξελίξεις τοῦ 'Αλγερινοῦ
ΔΥΣΑΡΕΣΚΕΙΑ ΚΑΤΑ ΤΟΥ ΝΤΕ ΓΚΩΛ ΕΙΣ ΑΛΓΕΡΙΟΝ ΔΙΑ ΤΗΝ ΔΙΑΤΑΓΗΝ ΕΠΙ ΤΗΣ ΘΕΣΕΩΣ ΤΩΝ ΑΞΙΩΜΑΤΙΚΩΝ
'Απεχώρησαν μετ' αὐτὴν τὰ στρατιωτικὰ μέλη ἀπὸ τὴν ἐπιτροπὴν κοινῆς σωτηρίας 'Αλγερίου ἀλλ' αὐτὴ καλεῖ τὸν λαὸν εἰς διαμαρτυρίας!
ΕΚΗΡΥΞΕΝ ΕΑΥΤΗΝ ΕΙΣ ΚΑΤΑΣΤΑΣΙΝ ΕΚΤΑΚΤΟΥ ΑΝΑΓΚΗΣ ΚΑΙ ΤΕΛΕΙ ΕΝ ΔΙΑΡΚΕΙ ΣΥΝΕΔΡΙΑΣΕΙ
'Υπάρχουν φόβοι νέων ταραχῶν

ΑΛΓΕΡΙΟΝ, 14. (Ασσ. Πρες). Η επιτροπή κοινής σωτηρίας της Αλγερίας και της Σαχάρας απεφάσισε να κηρύξη εαυτήν εις κατάστασιν εκτάκτου ανάγκης και να τελή εν συνεχεί συνεδριάσει. Τα στρατιωτικά μέλη της επιτροπής απεχώρησαν συμφώνως προς την διαταγήν του στρατηγού Ντε Γκωλ.

ΠΡΟΣ ΝΕΑΣ ΤΑΡΑΧΑΣ

Η επιτροπή κοινής σωτηρίας της Αλγερίας και της Σαχάρας απεφάσισε να κηρύξη εαυτήν εις κατάστασιν εκτάκτου ανάγκης και να τελή εν συνεχεί συνεδριάσει. Τα στρατιωτικά μέλη της επιτροπής απεχώρησαν συμφώνως προς την διαταγήν του στρατηγού Ντε Γκωλ.

Η επιτροπή κοινής σωτηρίας της Αλγερίας και της Σαχάρας απεφάσισε να κηρύξη εαυτήν εις κατάστασιν εκτάκτου ανάγκης και να τελή εν συνεχεί συνεδριάσει. Τα στρατιωτικά μέλη της επιτροπής απεχώρησαν συμφώνως προς την διαταγήν του στρατηγού Ντε Γκωλ.

Η επιτροπή κοινής σωτηρίας της Αλγερίας και της Σαχάρας απεφάσισε να κηρύξη εαυτήν εις κατάστασιν εκτάκτου ανάγκης και να τελή εν συνεχεί συνεδριάσει. Τα στρατιωτικά μέλη της επιτροπής απεχώρησαν συμφώνως προς την διαταγήν του στρατηγού Ντε Γκωλ.

ΟΓΚΟΥΤΑΙ Η ΔΥΣΑΡΕΣΚΕΙΑ

Η επιτροπή κοινής σωτηρίας της Αλγερίας και της Σαχάρας απεφάσισε να κηρύξη εαυτήν εις κατάστασιν εκτάκτου ανάγκης και να τελή εν συνεχεί συνεδριάσει. Τα στρατιωτικά μέλη της επιτροπής απεχώρησαν συμφώνως προς την διαταγήν του στρατηγού Ντε Γκωλ.

Η επιτροπή κοινής σωτηρίας της Αλγερίας και της Σαχάρας απεφάσισε να κηρύξη εαυτήν εις κατάστασιν εκτάκτου ανάγκης και να τελή εν συνεχεί συνεδριάσει. Τα στρατιωτικά μέλη της επιτροπής απεχώρησαν συμφώνως προς την διαταγήν του στρατηγού Ντε Γκωλ.

Η επιτροπή κοινής σωτηρίας της Αλγερίας και της Σαχάρας απεφάσισε να κηρύξη εαυτήν εις κατάστασιν εκτάκτου ανάγκης και να τελή εν συνεχεί συνεδριάσει. Τα στρατιωτικά μέλη της επιτροπής απεχώρησαν συμφώνως προς την διαταγήν του στρατηγού Ντε Γκωλ.

ΜΕ ΠΕΡΙΑΝ

Η επιτροπή κοινής σωτηρίας της Αλγερίας και της Σαχάρας απεφάσισε να κηρύξη εαυτήν εις κατάστασιν εκτάκτου ανάγκης και να τελή εν συνεχεί συνεδριάσει. Τα στρατιωτικά μέλη της επιτροπής απεχώρησαν συμφώνως προς την διαταγήν του στρατηγού Ντε Γκωλ.

Η επιτροπή κοινής σωτηρίας της Αλγερίας και της Σαχάρας απεφάσισε να κηρύξη εαυτήν εις κατάστασιν εκτάκτου ανάγκης και να τελή εν συνεχεί συνεδριάσει. Τα στρατιωτικά μέλη της επιτροπής απεχώρησαν συμφώνως προς την διαταγήν του στρατηγού Ντε Γκωλ.

ΙΚΑΝΟΠΟΙΗΜΕΝΟΣ Ο Μ. ΦΡΑΝΣ

Η επιτροπή κοινής σωτηρίας της Αλγερίας και της Σαχάρας απεφάσισε να κηρύξη εαυτήν εις κατάστασιν εκτάκτου ανάγκης και να τελή εν συνεχεί συνεδριάσει. Τα στρατιωτικά μέλη της επιτροπής απεχώρησαν συμφώνως προς την διαταγήν του στρατηγού Ντε Γκωλ.

ΤΟ ΥΠΟΥΡΓΙΚΟΝ ΣΥΜΒΟΥΛΙΟΝ

Η επιτροπή κοινής σωτηρίας της Αλγερίας και της Σαχάρας απεφάσισε να κηρύξη εαυτήν εις κατάστασιν εκτάκτου ανάγκης και να τελή εν συνεχεί συνεδριάσει. Τα στρατιωτικά μέλη της επιτροπής απεχώρησαν συμφώνως προς την διαταγήν του στρατηγού Ντε Γκωλ.

Η επιτροπή κοινής σωτηρίας της Αλγερίας και της Σαχάρας απεφάσισε να κηρύξη εαυτήν εις κατάστασιν εκτάκτου ανάγκης και να τελή εν συνεχεί συνεδριάσει. Τα στρατιωτικά μέλη της επιτροπής απεχώρησαν συμφώνως προς την διαταγήν του στρατηγού Ντε Γκωλ.

Η επιτροπή κοινής σωτηρίας της Αλγερίας και της Σαχάρας απεφάσισε να κηρύξη εαυτήν εις κατάστασιν εκτάκτου ανάγκης και να τελή εν συνεχεί συνεδριάσει. Τα στρατιωτικά μέλη της επιτροπής απεχώρησαν συμφώνως προς την διαταγήν του στρατηγού Ντε Γκωλ.

ΕΜΒΙΩΣΙΝ ΤΟ ΝΟΚΙΟΝ ΤΩΝ

Η επιτροπή κοινής σωτηρίας της Αλγερίας και της Σαχάρας απεφάσισε να κηρύξη εαυτήν εις κατάστασιν εκτάκτου ανάγκης και να τελή εν συνεχεί συνεδριάσει. Τα στρατιωτικά μέλη της επιτροπής απεχώρησαν συμφώνως προς την διαταγήν του στρατηγού Ντε Γκωλ.

Η επιτροπή κοινής σωτηρίας της Αλγερίας και της Σαχάρας απεφάσισε να κηρύξη εαυτήν εις κατάστασιν εκτάκτου ανάγκης και να τελή εν συνεχεί συνεδριάσει. Τα στρατιωτικά μέλη της επιτροπής απεχώρησαν συμφώνως προς την διαταγήν του στρατηγού Ντε Γκωλ.

ΑΙ ΔΗΛΩΣΕΙΣ ΤΟΥ ΦΕΡΧΑΤ

Η επιτροπή κοινής σωτηρίας της Αλγερίας και της Σαχάρας απεφάσισε να κηρύξη εαυτήν εις κατάστασιν εκτάκτου ανάγκης και να τελή εν συνεχεί συνεδριάσει. Τα στρατιωτικά μέλη της επιτροπής απεχώρησαν συμφώνως προς την διαταγήν του στρατηγού Ντε Γκωλ.

ΤΟ ΕΘΝΙΚΟΝ ΣΥΜΦΕΡΟΝ, ΔΗΛΟΥΝ ΟΙ ΦΙΛΕΛΕΥΘΕΡΟΙ ΕΠΙΒΑΛΛΕΙ ΤΗΝ ΑΝΤΙΚΑΤΑΣΤΑΣΙΝ ΤΗΣ ΚΥΒΕΡΝΗΣΕΩΣ ΔΙΑ ΝΑ ΜΗ ΘΡΗΝΗΣΩΜΕΝ ΚΑΙ ΑΛΛΑΣ ΣΥΜΦΟΡΑΣ
ΣΥΝΕΧΕΙΑ ἐκ τῆς 1ης σελίδος

Αι συνθήκαι της διεθνούς πολιτικής και αι επιπτώσεις της επί του Κυπριακού ζητήματος καθιστούν αναγκαίαν την αντικατάστασιν της κυβερνήσεως. Το εθνικόν συμφέρον απαιτεί ενιαίαν γραμμήν και υπεύθυνον ηγεσίαν.

Αι συνθήκαι της διεθνούς πολιτικής και αι επιπτώσεις της επί του Κυπριακού ζητήματος καθιστούν αναγκαίαν την αντικατάστασιν της κυβερνήσεως. Το εθνικόν συμφέρον απαιτεί ενιαίαν γραμμήν και υπεύθυνον ηγεσίαν.

Αι συνθήκαι της διεθνούς πολιτικής και αι επιπτώσεις της επί του Κυπριακού ζητήματος καθιστούν αναγκαίαν την αντικατάστασιν της κυβερνήσεως. Το εθνικόν συμφέρον απαιτεί ενιαίαν γραμμήν και υπεύθυνον ηγεσίαν.

Αι συνθήκαι της διεθνούς πολιτικής και αι επιπτώσεις της επί του Κυπριακού ζητήματος καθιστούν αναγκαίαν την αντικατάστασιν της κυβερνήσεως. Το εθνικόν συμφέρον απαιτεί ενιαίαν γραμμήν και υπεύθυνον ηγεσίαν.

Αι συνθήκαι της διεθνούς πολιτικής και αι επιπτώσεις της επί του Κυπριακού ζητήματος καθιστούν αναγκαίαν την αντικατάστασιν της κυβερνήσεως. Το εθνικόν συμφέρον απαιτεί ενιαίαν γραμμήν και υπεύθυνον ηγεσίαν.

Αι συνθήκαι της διεθνούς πολιτικής και αι επιπτώσεις της επί του Κυπριακού ζητήματος καθιστούν αναγκαίαν την αντικατάστασιν της κυβερνήσεως. Το εθνικόν συμφέρον απαιτεί ενιαίαν γραμμήν και υπεύθυνον ηγεσίαν.

Αι συνθήκαι της διεθνούς πολιτικής και αι επιπτώσεις της επί του Κυπριακού ζητήματος καθιστούν αναγκαίαν την αντικατάστασιν της κυβερνήσεως. Το εθνικόν συμφέρον απαιτεί ενιαίαν γραμμήν και υπεύθυνον ηγεσίαν.

ΝΑ ΕΓΚΑΤΑΛΕΙΨΗ ΤΗΝ ΑΡΧΗΝ

Αι συνθήκαι της διεθνούς πολιτικής και αι επιπτώσεις της επί του Κυπριακού ζητήματος καθιστούν αναγκαίαν την αντικατάστασιν της κυβερνήσεως. Το εθνικόν συμφέρον απαιτεί ενιαίαν γραμμήν και υπεύθυνον ηγεσίαν.

Αι συνθήκαι της διεθνούς πολιτικής και αι επιπτώσεις της επί του Κυπριακού ζητήματος καθιστούν αναγκαίαν την αντικατάστασιν της κυβερνήσεως. Το εθνικόν συμφέρον απαιτεί ενιαίαν γραμμήν και υπεύθυνον ηγεσίαν.

Αι συνθήκαι της διεθνούς πολιτικής και αι επιπτώσεις της επί του Κυπριακού ζητήματος καθιστούν αναγκαίαν την αντικατάστασιν της κυβερνήσεως. Το εθνικόν συμφέρον απαιτεί ενιαίαν γραμμήν και υπεύθυνον ηγεσίαν.

Αι συνθήκαι της διεθνούς πολιτικής και αι επιπτώσεις της επί του Κυπριακού ζητήματος καθιστούν αναγκαίαν την αντικατάστασιν της κυβερνήσεως. Το εθνικόν συμφέρον απαιτεί ενιαίαν γραμμήν και υπεύθυνον ηγεσίαν.

Αι συνθήκαι της διεθνούς πολιτικής και αι επιπτώσεις της επί του Κυπριακού ζητήματος καθιστούν αναγκαίαν την αντικατάστασιν της κυβερνήσεως. Το εθνικόν συμφέρον απαιτεί ενιαίαν γραμμήν και υπεύθυνον ηγεσίαν.

ΔΕΝ ΕΧΕΙ ΠΛΕΙΟΨΗΦΙΑΝ

Αι συνθήκαι της διεθνούς πολιτικής και αι επιπτώσεις της επί του Κυπριακού ζητήματος καθιστούν αναγκαίαν την αντικατάστασιν της κυβερνήσεως. Το εθνικόν συμφέρον απαιτεί ενιαίαν γραμμήν και υπεύθυνον ηγεσίαν.

Αι συνθήκαι της διεθνούς πολιτικής και αι επιπτώσεις της επί του Κυπριακού ζητήματος καθιστούν αναγκαίαν την αντικατάστασιν της κυβερνήσεως. Το εθνικόν συμφέρον απαιτεί ενιαίαν γραμμήν και υπεύθυνον ηγεσίαν.

ΤΑ ΜΥΣΤΙΚΑ ΑΡΧΕΙΑ ΤΗΣ ΧΙΤΛΕΡΙΚΗΣ ΚΑΤΑΣΚΟΠΕΙΑΣ

Αι συνθήκαι της διεθνούς πολιτικής και αι επιπτώσεις της επί του Κυπριακού ζητήματος καθιστούν αναγκαίαν την αντικατάστασιν της κυβερνήσεως. Το εθνικόν συμφέρον απαιτεί ενιαίαν γραμμήν και υπεύθυνον ηγεσίαν.

ΜΕΣΗ ΩΡΙΑΙΑ ΤΑΧΥΤΗΣ 1.050 ΧΙΛΙΟΜΕΤΡΩΝ

Αι συνθήκαι της διεθνούς πολιτικής και αι επιπτώσεις της επί του Κυπριακού ζητήματος καθιστούν αναγκαίαν την αντικατάστασιν της κυβερνήσεως. Το εθνικόν συμφέρον απαιτεί ενιαίαν γραμμήν και υπεύθυνον ηγεσίαν.

Αι συνθήκαι της διεθνούς πολιτικής και αι επιπτώσεις της επί του Κυπριακού ζητήματος καθιστούν αναγκαίαν την αντικατάστασιν της κυβερνήσεως. Το εθνικόν συμφέρον απαιτεί ενιαίαν γραμμήν και υπεύθυνον ηγεσίαν.

Αι συνθήκαι της διεθνούς πολιτικής και αι επιπτώσεις της επί του Κυπριακού ζητήματος καθιστούν αναγκαίαν την αντικατάστασιν της κυβερνήσεως. Το εθνικόν συμφέρον απαιτεί ενιαίαν γραμμήν και υπεύθυνον ηγεσίαν.

ΕΘΝΙΚΗ ΣΥΜΦΟΡΑ

Αι συνθήκαι της διεθνούς πολιτικής και αι επιπτώσεις της επί του Κυπριακού ζητήματος καθιστούν αναγκαίαν την αντικατάστασιν της κυβερνήσεως. Το εθνικόν συμφέρον απαιτεί ενιαίαν γραμμήν και υπεύθυνον ηγεσίαν.

Αι συνθήκαι της διεθνούς πολιτικής και αι επιπτώσεις της επί του Κυπριακού ζητήματος καθιστούν αναγκαίαν την αντικατάστασιν της κυβερνήσεως. Το εθνικόν συμφέρον απαιτεί ενιαίαν γραμμήν και υπεύθυνον ηγεσίαν.

Αι συνθήκαι της διεθνούς πολιτικής και αι επιπτώσεις της επί του Κυπριακού ζητήματος καθιστούν αναγκαίαν την αντικατάστασιν της κυβερνήσεως. Το εθνικόν συμφέρον απαιτεί ενιαίαν γραμμήν και υπεύθυνον ηγεσίαν.

ΔΕΝ ΑΠΑΝΤΑ Η ΚΥΒΕΡΝΗΣΙΣ

Αι συνθήκαι της διεθνούς πολιτικής και αι επιπτώσεις της επί του Κυπριακού ζητήματος καθιστούν αναγκαίαν την αντικατάστασιν της κυβερνήσεως. Το εθνικόν συμφέρον απαιτεί ενιαίαν γραμμήν και υπεύθυνον ηγεσίαν.
